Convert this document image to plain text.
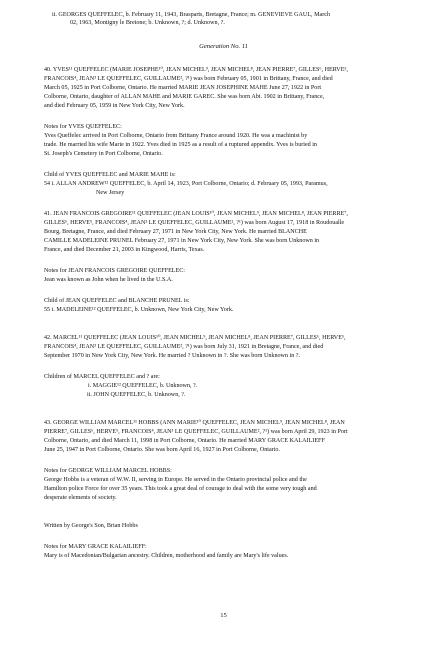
ii. GEORGES QUEFFELEC, b. February 11, 1943, Brasparts, Bretagne, France; m. GENEVIEVE GAUL, March
02, 1963, Montigny le Bretone; b. Unknown, ?; d. Unknown, ?.
Generation No. 11
40. YVES¹¹ QUEFFELEC (MARIE JOSEPHE¹⁰, JEAN MICHEL⁹, JEAN MICHEL⁸, JEAN PIERRE⁷, GILLES⁶, HERVE⁵,
FRANCOIS⁴, JEAN³ LE QUEFFELEC, GUILLAUME², ?¹) was born February 05, 1901 in Brittany, France, and died
March 05, 1925 in Port Colborne, Ontario. He married MARIE JEAN JOSEPHINE MAHE June 27, 1922 in Port
Colborne, Ontario, daughter of ALLAN MAHE and MARIE GAREC. She was born Abt. 1902 in Brittany, France,
and died February 05, 1959 in New York City, New York.
Notes for YVES QUEFFELEC:
Yves Queffelec arrived in Port Colborne, Ontario from Brittany France around 1920. He was a machinist by
trade. He married his wife Marie in 1922. Yves died in 1925 as a result of a ruptured appendix. Yves is buried in
St. Joseph's Cemetery in Port Colborne, Ontario.
Child of YVES QUEFFELEC and MARIE MAHE is:
54 i. ALLAN ANDREW¹² QUEFFELEC, b. April 14, 1923, Port Colborne, Ontario; d. February 05, 1993, Paramus,
New Jersey
41. JEAN FRANCOIS GREGOIRE¹¹ QUEFFELEC (JEAN LOUIS¹⁰, JEAN MICHEL⁹, JEAN MICHEL⁸, JEAN PIERRE⁷,
GILLES⁶, HERVE⁵, FRANCOIS⁴, JEAN³ LE QUEFFELEC, GUILLAUME², ?¹) was born August 17, 1918 in Roudoualle
Bourg, Bretagne, France, and died February 27, 1971 in New York City, New York. He married BLANCHE
CAMILLE MADELEINE PRUNEL February 27, 1971 in New York City, New York. She was born Unknown in
France, and died December 21, 2003 in Kingwood, Harris, Texas.
Notes for JEAN FRANCOIS GREGOIRE QUEFFELEC:
Jean was known as John when he lived in the U.S.A.
Child of JEAN QUEFFELEC and BLANCHE PRUNEL is:
55 i. MADELEINE¹² QUEFFELEC, b. Unknown, New York City, New York.
42. MARCEL¹¹ QUEFFELEC (JEAN LOUIS¹⁰, JEAN MICHEL⁹, JEAN MICHEL⁸, JEAN PIERRE⁷, GILLES⁶, HERVE⁵,
FRANCOIS⁴, JEAN³ LE QUEFFELEC, GUILLAUME², ?¹) was born July 31, 1921 in Bretagne, France, and died
September 1970 in New York City, New York. He married ? Unknown in ?. She was born Unknown in ?.
Children of MARCEL QUEFFELEC and ? are:
i. MAGGIE¹² QUEFFELEC, b. Unknown, ?.
ii. JOHN QUEFFELEC, b. Unknown, ?.
43. GEORGE WILLIAM MARCEL¹¹ HOBBS (ANN MARIE¹⁰ QUEFFELEC, JEAN MICHEL⁹, JEAN MICHEL⁸, JEAN
PIERRE⁷, GILLES⁶, HERVE⁵, FRANCOIS⁴, JEAN³ LE QUEFFELEC, GUILLAUME², ?¹) was born April 29, 1923 in Port
Colborne, Ontario, and died March 11, 1998 in Port Colborne, Ontario. He married MARY GRACE KALAILIEFF
June 25, 1947 in Port Colborne, Ontario. She was born April 16, 1927 in Port Colborne, Ontario.
Notes for GEORGE WILLIAM MARCEL HOBBS:
George Hobbs is a veteran of W.W. II, serving in Europe. He served in the Ontario provincial police and the
Hamilton police Force for over 35 years. This took a great deal of courage to deal with the some very tough and
desperate elements of society.
Written by George's Son, Brian Hobbs
Notes for MARY GRACE KALAILIEFF:
Mary is of Macedonian/Bulgarian ancestry. Children, motherhood and family are Mary's life values.
15
